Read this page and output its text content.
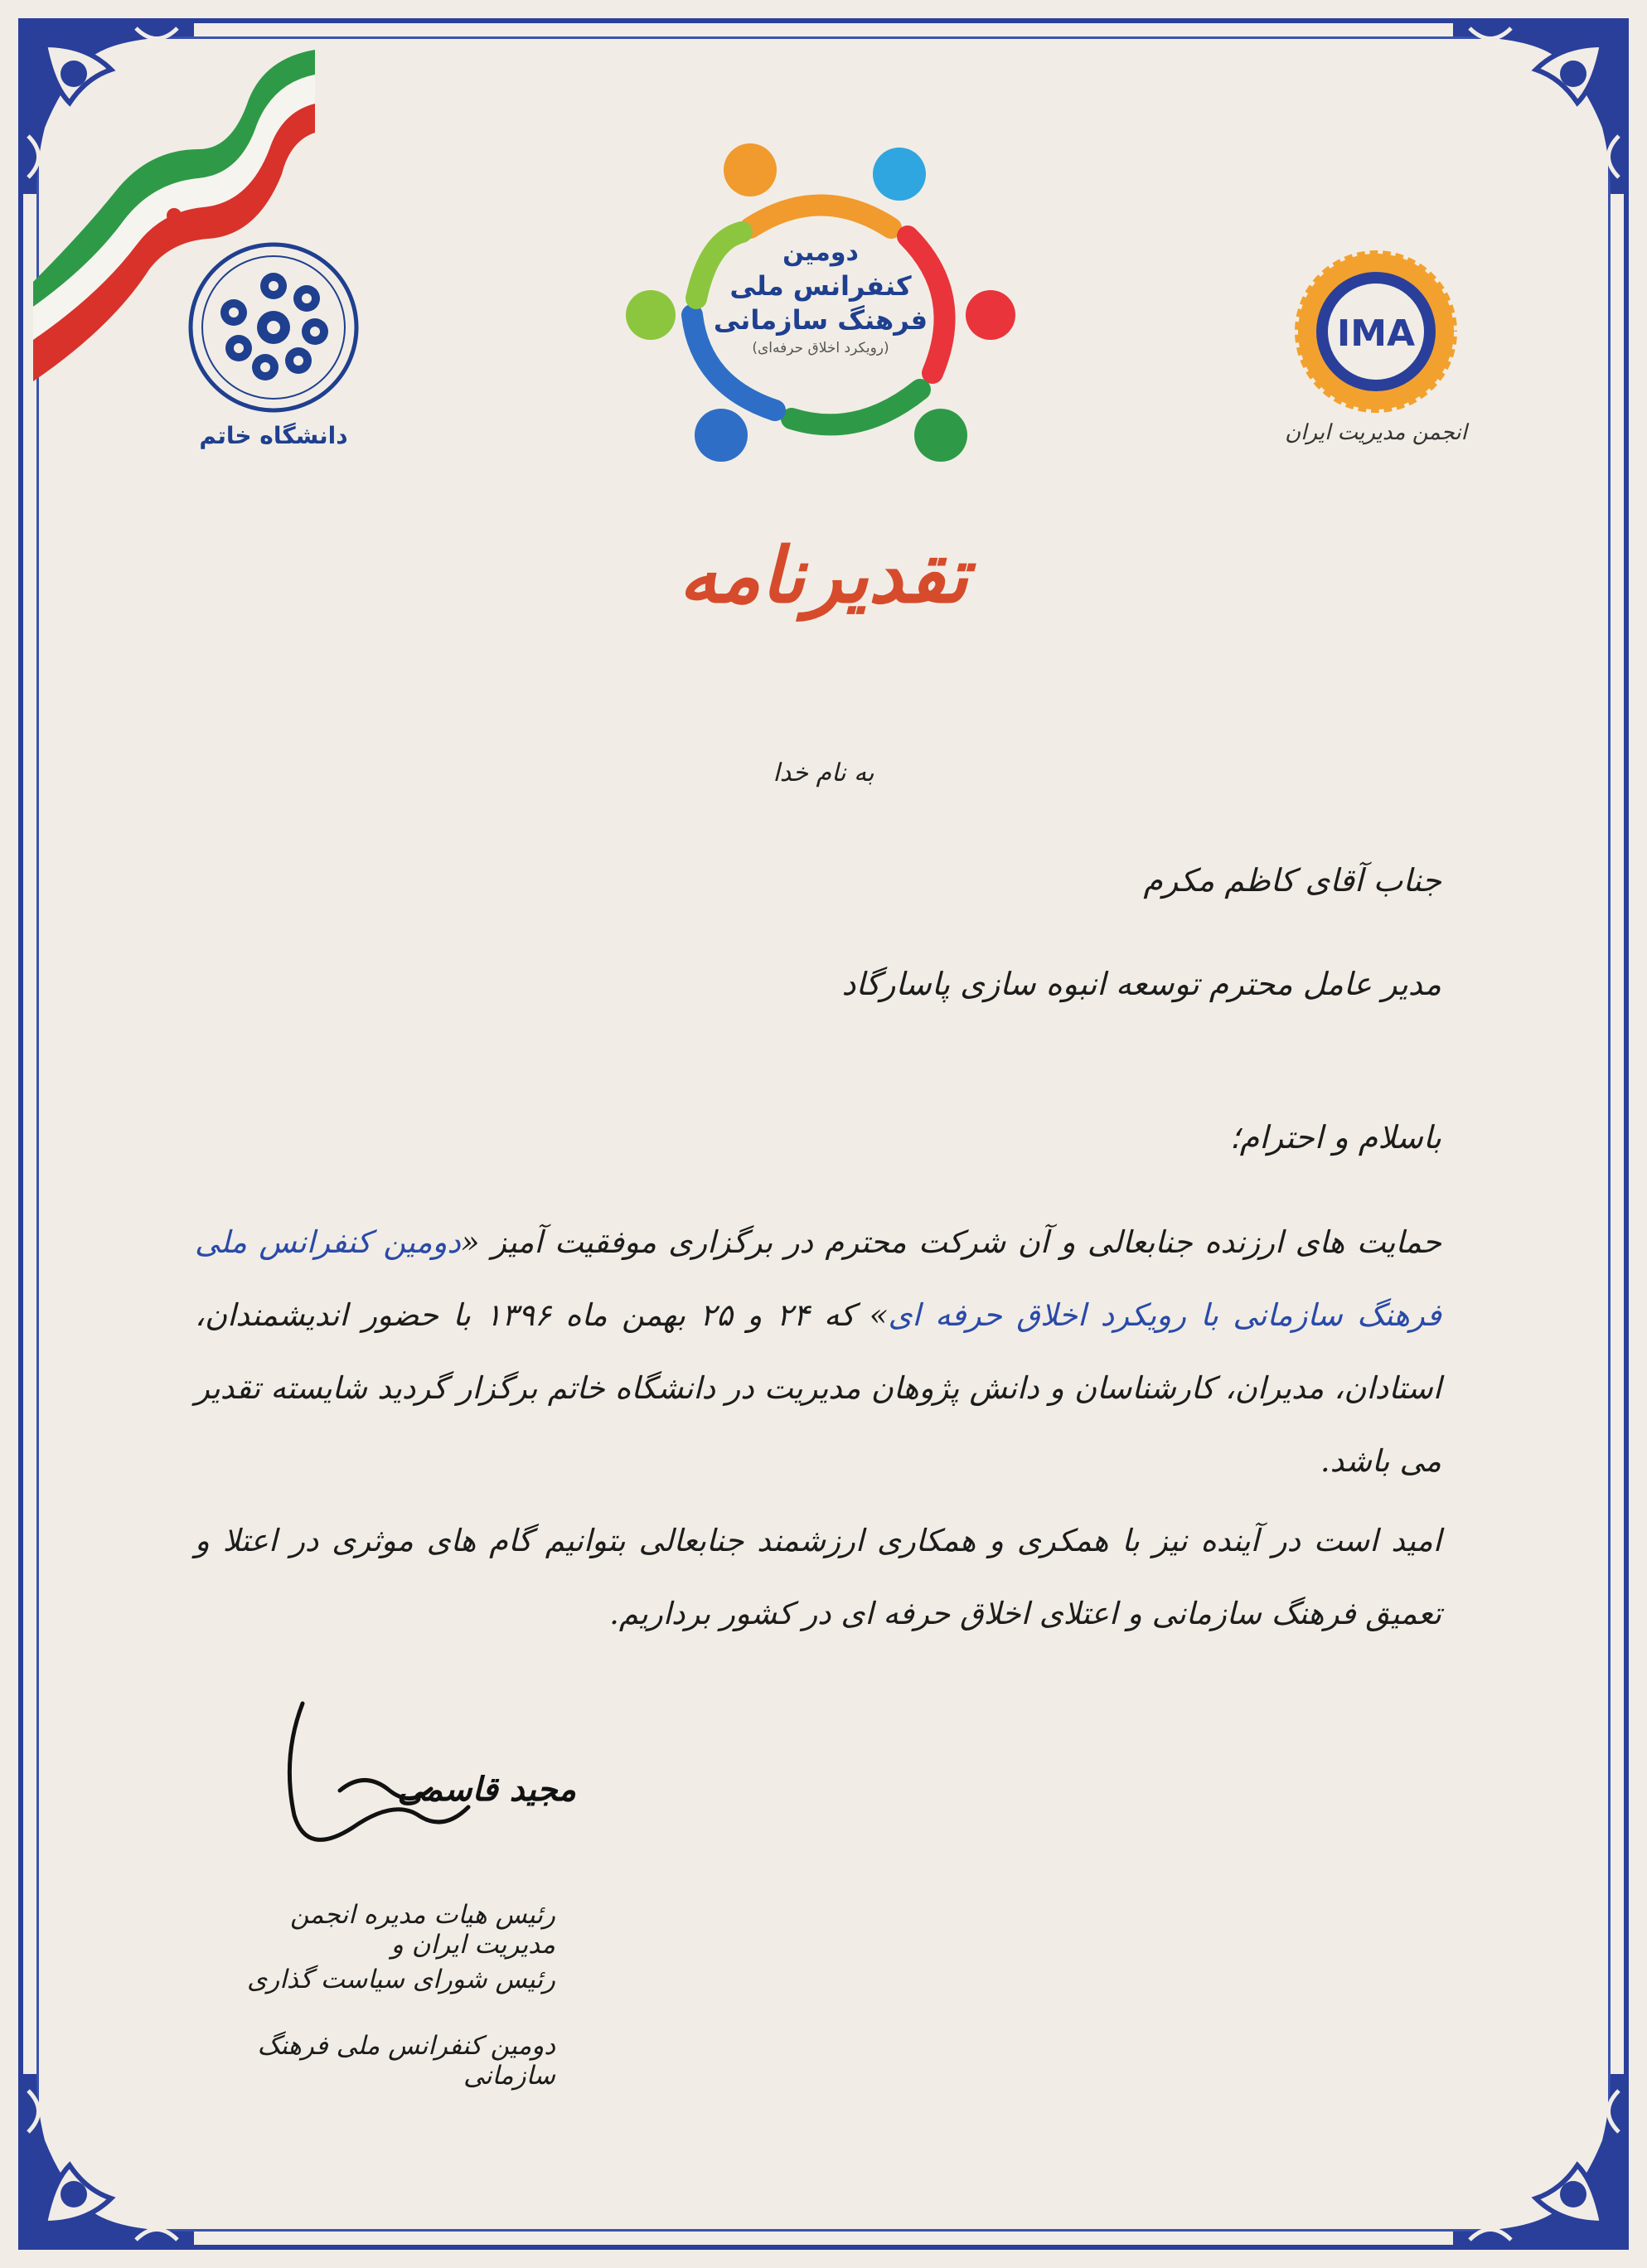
دانشگاه خاتم
دومین
کنفرانس ملی
فرهنگ سازمانی
(رویکرد اخلاق حرفه‌ای)	IMA
انجمن مدیریت ایران
تقدیرنامه
به نام خدا
جناب آقای کاظم مکرم
مدیر عامل محترم توسعه انبوه سازی پاسارگاد
باسلام و احترام؛
حمایت های ارزنده جنابعالی و آن شرکت محترم در برگزاری موفقیت آمیز «دومین کنفرانس ملی فرهنگ سازمانی با رویکرد اخلاق حرفه ای» که ۲۴ و ۲۵ بهمن ماه ۱۳۹۶ با حضور اندیشمندان، استادان، مدیران، کارشناسان و دانش پژوهان مدیریت در دانشگاه خاتم برگزار گردید شایسته تقدیر می باشد.
امید است در آینده نیز با همکری و همکاری ارزشمند جنابعالی بتوانیم گام های موثری در اعتلا و تعمیق فرهنگ سازمانی و اعتلای اخلاق حرفه ای در کشور برداریم.
مجید قاسمی
رئیس هیات مدیره انجمن مدیریت ایران و
رئیس شورای سیاست گذاری
دومین کنفرانس ملی فرهنگ سازمانی
